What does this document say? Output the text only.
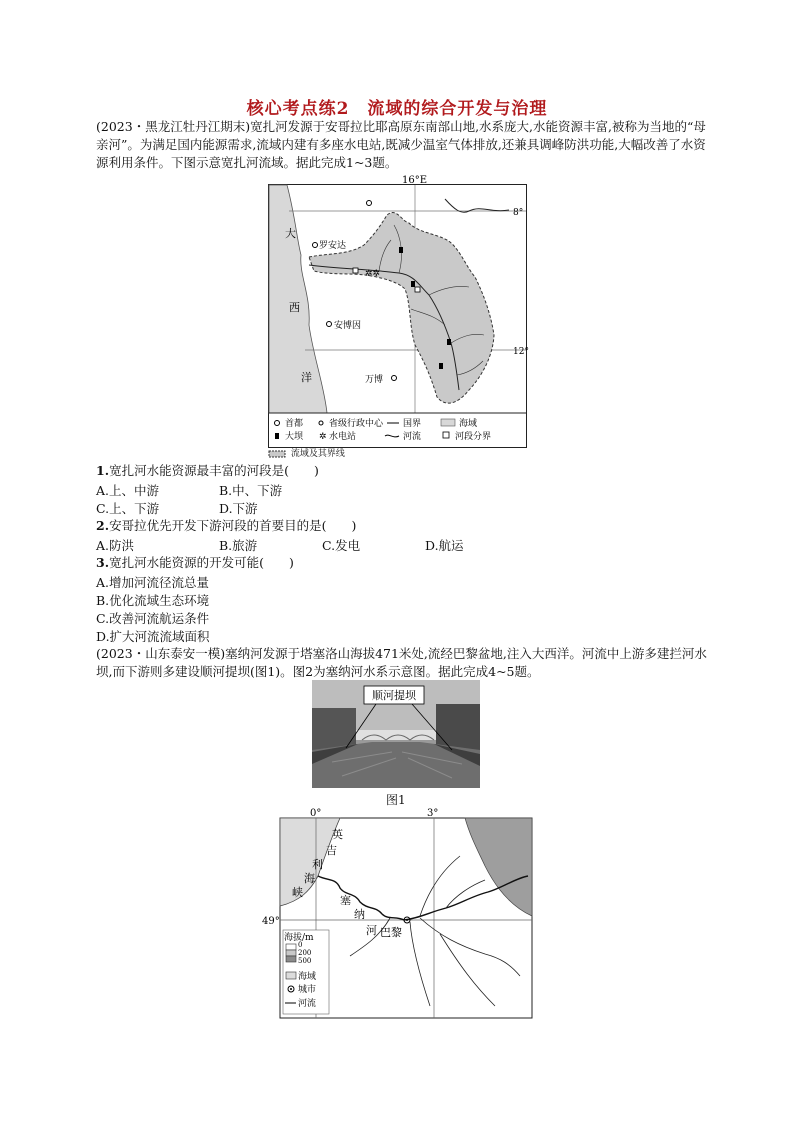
核心考点练2　流域的综合开发与治理
(2023・黑龙江牡丹江期末)宽扎河发源于安哥拉比耶高原东南部山地,水系庞大,水能资源丰富,被称为当地的“母亲河”。为满足国内能源需求,流域内建有多座水电站,既减少温室气体排放,还兼具调峰防洪功能,大幅改善了水资源利用条件。下图示意宽扎河流域。据此完成1~3题。
✲✲
16°E
8°
12°
大
西
洋
罗安达
安博因
万博
首都	省级行政中心 国界	海域
大坝 ✲ 水电站	河流	河段分界
流域及其界线
1.宽扎河水能资源最丰富的河段是(　　)
A.上、中游	B.中、下游
C.上、下游	D.下游
2.安哥拉优先开发下游河段的首要目的是(　　)
A.防洪	B.旅游	C.发电	D.航运
3.宽扎河水能资源的开发可能(　　)
A.增加河流径流总量
B.优化流域生态环境
C.改善河流航运条件
D.扩大河流流域面积
(2023・山东泰安一模)塞纳河发源于塔塞洛山海拔471米处,流经巴黎盆地,注入大西洋。河流中上游多建拦河水坝,而下游则多建设顺河提坝(图1)。图2为塞纳河水系示意图。据此完成4~5题。
顺河提坝
图1
0°	3°
49°
英
吉
利
海
峡
塞
纳
河 巴黎
海拔/m
0
200
500
海域
城市
河流
